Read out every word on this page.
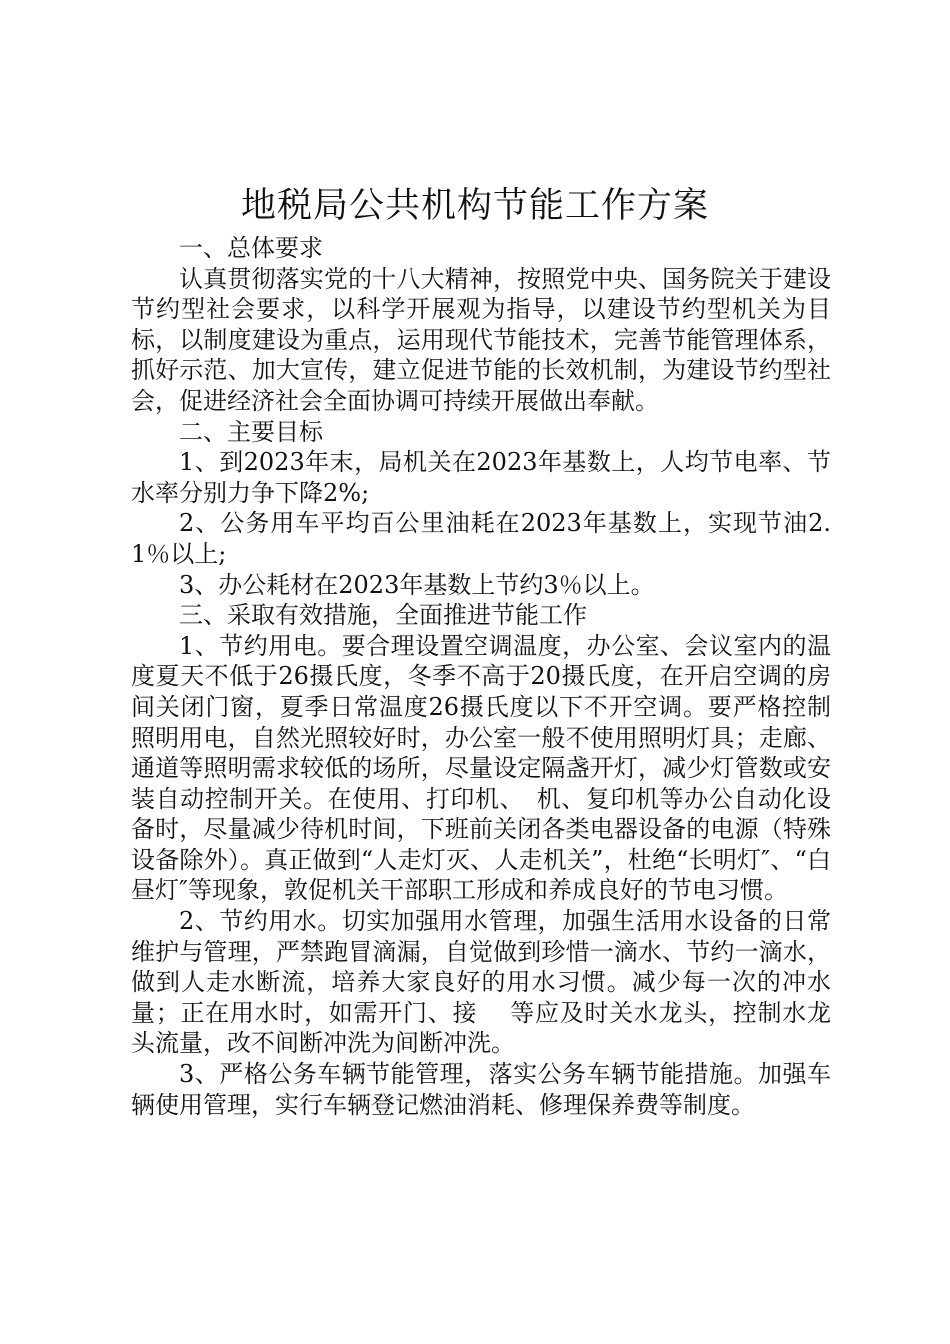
地税局公共机构节能工作方案

一、总体要求

认真贯彻落实党的十八大精神，按照党中央、国务院关于建设节约型社会要求，以科学开展观为指导，以建设节约型机关为目标，以制度建设为重点，运用现代节能技术，完善节能管理体系，抓好示范、加大宣传，建立促进节能的长效机制，为建设节约型社会，促进经济社会全面协调可持续开展做出奉献。

二、主要目标

1、到2023年末，局机关在2023年基数上，人均节电率、节水率分别力争下降2%;

2、公务用车平均百公里油耗在2023年基数上，实现节油2.1％以上;

3、办公耗材在2023年基数上节约3％以上。

三、采取有效措施，全面推进节能工作

1、节约用电。要合理设置空调温度，办公室、会议室内的温度夏天不低于26摄氏度，冬季不高于20摄氏度，在开启空调的房间关闭门窗，夏季日常温度26摄氏度以下不开空调。要严格控制照明用电，自然光照较好时，办公室一般不使用照明灯具；走廊、通道等照明需求较低的场所，尽量设定隔盏开灯，减少灯管数或安装自动控制开关。在使用、打印机、　机、复印机等办公自动化设备时，尽量减少待机时间，下班前关闭各类电器设备的电源（特殊设备除外）。真正做到“人走灯灭、人走机关”，杜绝“长明灯″、“白昼灯″等现象，敦促机关干部职工形成和养成良好的节电习惯。

2、节约用水。切实加强用水管理，加强生活用水设备的日常维护与管理，严禁跑冒滴漏，自觉做到珍惜一滴水、节约一滴水，做到人走水断流，培养大家良好的用水习惯。减少每一次的冲水量；正在用水时，如需开门、接　 等应及时关水龙头，控制水龙头流量，改不间断冲洗为间断冲洗。

3、严格公务车辆节能管理，落实公务车辆节能措施。加强车辆使用管理，实行车辆登记燃油消耗、修理保养费等制度。
